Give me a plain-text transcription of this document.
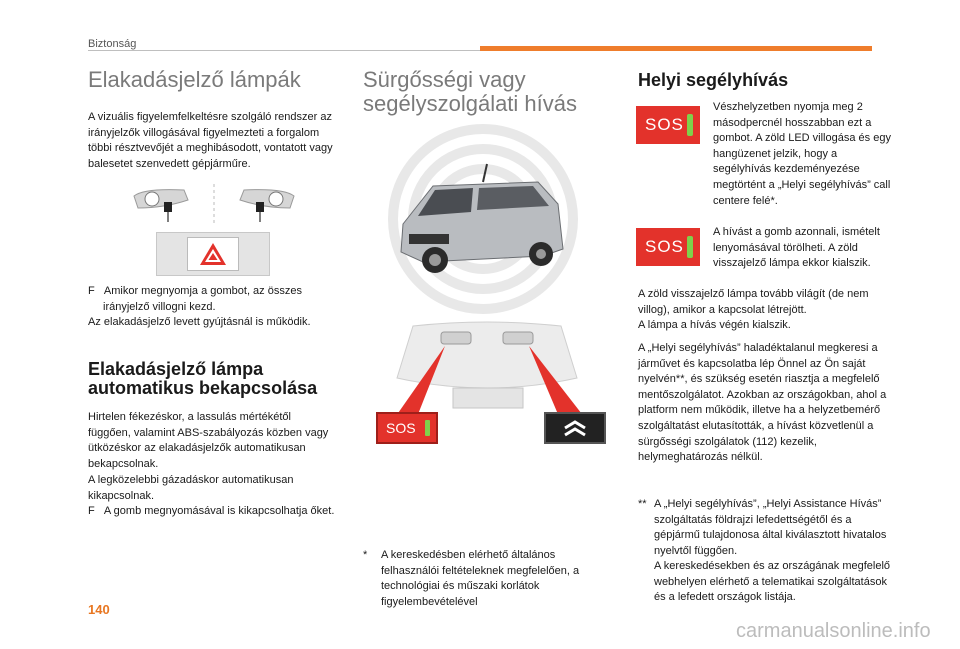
Biztonság
Elakadásjelző lámpák

A vizuális figyelemfelkeltésre szolgáló rendszer az irányjelzők villogásával figyelmezteti a forgalom többi résztvevőjét a meghibásodott, vontatott vagy balesetet szenvedett gépjárműre.

F   Amikor megnyomja a gombot, az összes irányjelző villogni kezd.

Az elakadásjelző levett gyújtásnál is működik.

Elakadásjelző lámpa automatikus bekapcsolása

Hirtelen fékezéskor, a lassulás mértékétől függően, valamint ABS-szabályozás közben vagy ütközéskor az elakadásjelzők automatikusan bekapcsolnak.

A legközelebbi gázadáskor automatikusan kikapcsolnak.

F   A gomb megnyomásával is kikapcsolhatja őket.

Sürgősségi vagy segélyszolgálati hívás
SOS
*	A kereskedésben elérhető általános felhasználói feltételeknek megfelelően, a technológiai és műszaki korlátok figyelembevételével

Helyi segélyhívás
SOS

Vészhelyzetben nyomja meg 2 másodpercnél hosszabban ezt a gombot. A zöld LED villogása és egy hangüzenet jelzik, hogy a segélyhívás kezdeményezése megtörtént a „Helyi segélyhívás” call centere felé*.

SOS

A hívást a gomb azonnali, ismételt lenyomásával törölheti. A zöld visszajelző lámpa ekkor kialszik.

A zöld visszajelző lámpa tovább világít (de nem villog), amikor a kapcsolat létrejött.

A lámpa a hívás végén kialszik.

A „Helyi segélyhívás” haladéktalanul megkeresi a járművet és kapcsolatba lép Önnel az Ön saját nyelvén**, és szükség esetén riasztja a megfelelő mentőszolgálatot. Azokban az országokban, ahol a platform nem működik, illetve ha a helyzetbemérő szolgáltatást elutasították, a hívást közvetlenül a sürgősségi szolgálatok (112) kezelik, helymeghatározás nélkül.

** A „Helyi segélyhívás”, „Helyi Assistance Hívás” szolgáltatás földrajzi lefedettségétől és a gépjármű tulajdonosa által kiválasztott hivatalos nyelvtől függően.

A kereskedésekben és az országának megfelelő webhelyen elérhető a telematikai szolgáltatások és a lefedett országok listája.

140
carmanualsonline.info
